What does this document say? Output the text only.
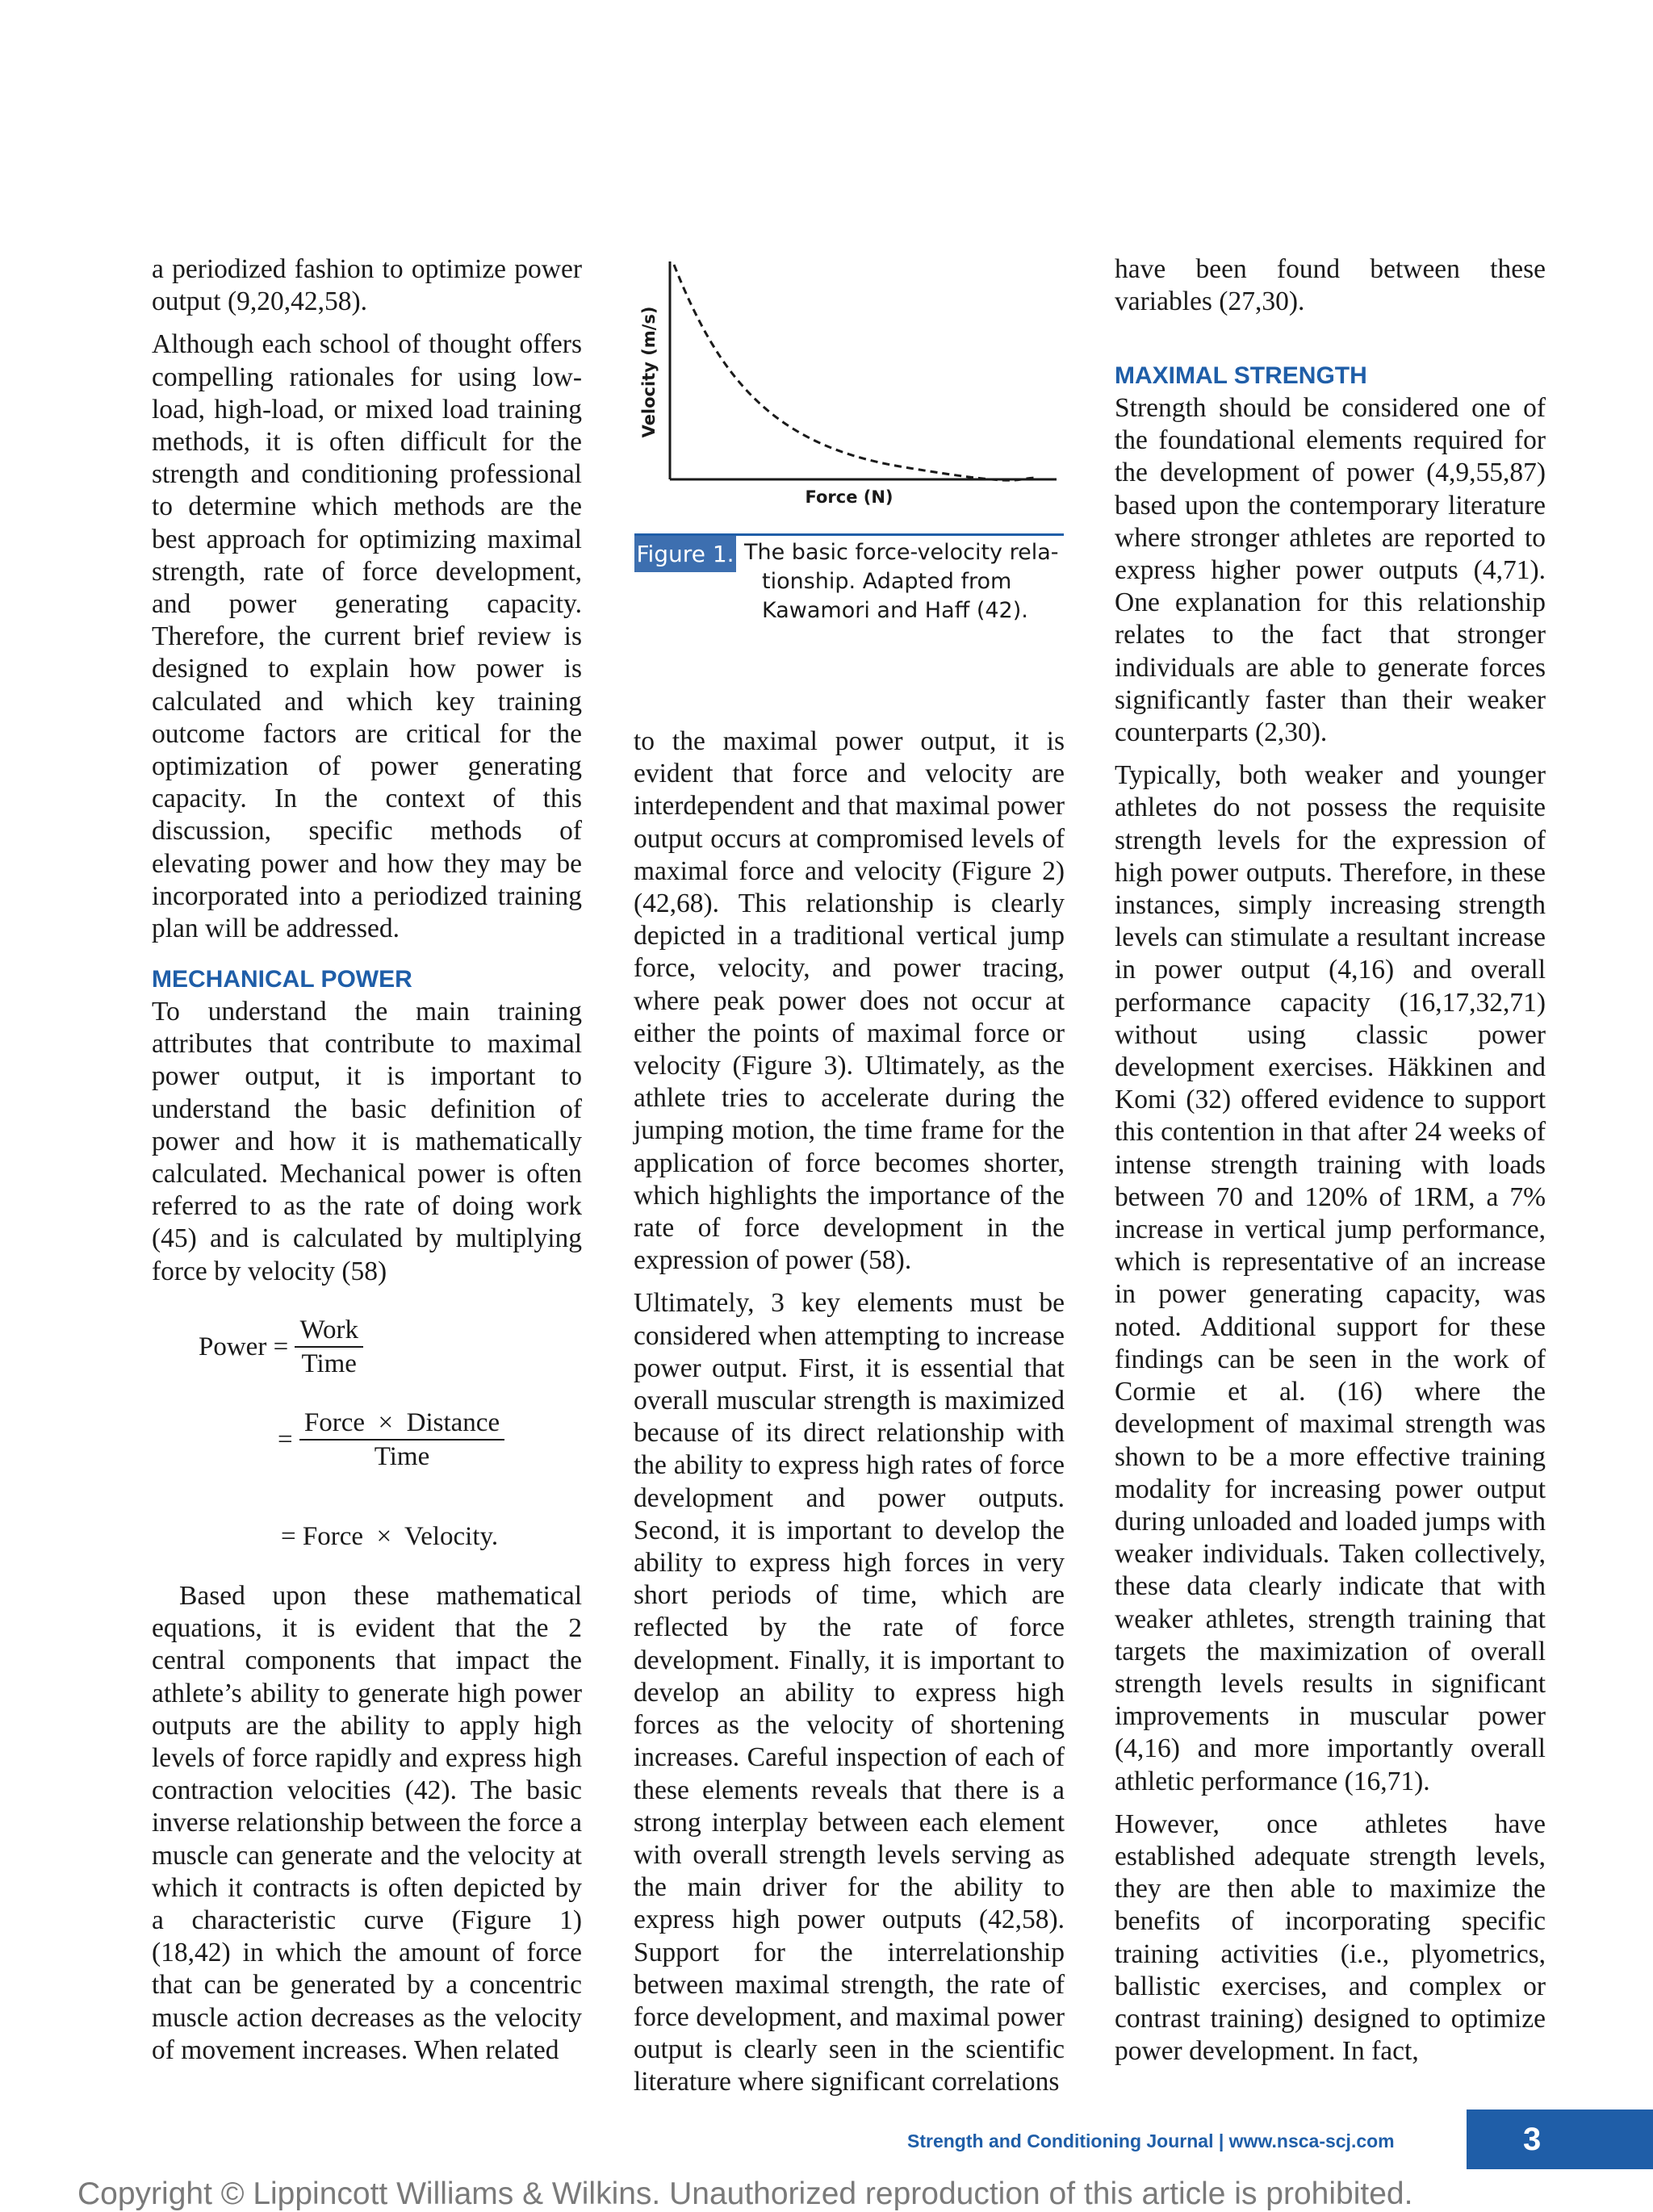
a periodized fashion to optimize power output (9,20,42,58).

Although each school of thought offers compelling rationales for using low-load, high-load, or mixed load training methods, it is often difficult for the strength and conditioning professional to determine which methods are the best approach for optimizing maximal strength, rate of force development, and power generating capacity. Therefore, the current brief review is designed to explain how power is calculated and which key training outcome factors are critical for the optimization of power generating capacity. In the context of this discussion, specific methods of elevating power and how they may be incorporated into a periodized training plan will be addressed.

MECHANICAL POWER

To understand the main training attributes that contribute to maximal power output, it is important to understand the basic definition of power and how it is mathematically calculated. Mechanical power is often referred to as the rate of doing work (45) and is calculated by multiplying force by velocity (58)

Power = $\frac{\text{Work}}{\text{Time}}$
= $\frac{\text{Force × Distance}}{\text{Time}}$
= Force × Velocity.

Based upon these mathematical equations, it is evident that the 2 central components that impact the athlete’s ability to generate high power outputs are the ability to apply high levels of force rapidly and express high contraction velocities (42). The basic inverse relationship between the force a muscle can generate and the velocity at which it contracts is often depicted by a characteristic curve (Figure 1) (18,42) in which the amount of force that can be generated by a concentric muscle action decreases as the velocity of movement increases. When related

Velocity (m/s)
Force (N)
Figure 1. The basic force-velocity rela-
tionship. Adapted from
Kawamori and Haff (42).

to the maximal power output, it is evident that force and velocity are interdependent and that maximal power output occurs at compromised levels of maximal force and velocity (Figure 2) (42,68). This relationship is clearly depicted in a traditional vertical jump force, velocity, and power tracing, where peak power does not occur at either the points of maximal force or velocity (Figure 3). Ultimately, as the athlete tries to accelerate during the jumping motion, the time frame for the application of force becomes shorter, which highlights the importance of the rate of force development in the expression of power (58).

Ultimately, 3 key elements must be considered when attempting to increase power output. First, it is essential that overall muscular strength is maximized because of its direct relationship with the ability to express high rates of force development and power outputs. Second, it is important to develop the ability to express high forces in very short periods of time, which are reflected by the rate of force development. Finally, it is important to develop an ability to express high forces as the velocity of shortening increases. Careful inspection of each of these elements reveals that there is a strong interplay between each element with overall strength levels serving as the main driver for the ability to express high power outputs (42,58). Support for the interrelationship between maximal strength, the rate of force development, and maximal power output is clearly seen in the scientific literature where significant correlations

have been found between these variables (27,30).

MAXIMAL STRENGTH

Strength should be considered one of the foundational elements required for the development of power (4,9,55,87) based upon the contemporary literature where stronger athletes are reported to express higher power outputs (4,71). One explanation for this relationship relates to the fact that stronger individuals are able to generate forces significantly faster than their weaker counterparts (2,30).

Typically, both weaker and younger athletes do not possess the requisite strength levels for the expression of high power outputs. Therefore, in these instances, simply increasing strength levels can stimulate a resultant increase in power output (4,16) and overall performance capacity (16,17,32,71) without using classic power development exercises. Häkkinen and Komi (32) offered evidence to support this contention in that after 24 weeks of intense strength training with loads between 70 and 120% of 1RM, a 7% increase in vertical jump performance, which is representative of an increase in power generating capacity, was noted. Additional support for these findings can be seen in the work of Cormie et al. (16) where the development of maximal strength was shown to be a more effective training modality for increasing power output during unloaded and loaded jumps with weaker individuals. Taken collectively, these data clearly indicate that with weaker athletes, strength training that targets the maximization of overall strength levels results in significant improvements in muscular power (4,16) and more importantly overall athletic performance (16,71).

However, once athletes have established adequate strength levels, they are then able to maximize the benefits of incorporating specific training activities (i.e., plyometrics, ballistic exercises, and complex or contrast training) designed to optimize power development. In fact,

Strength and Conditioning Journal | www.nsca-scj.com	3
Copyright © Lippincott Williams & Wilkins. Unauthorized reproduction of this article is prohibited.
